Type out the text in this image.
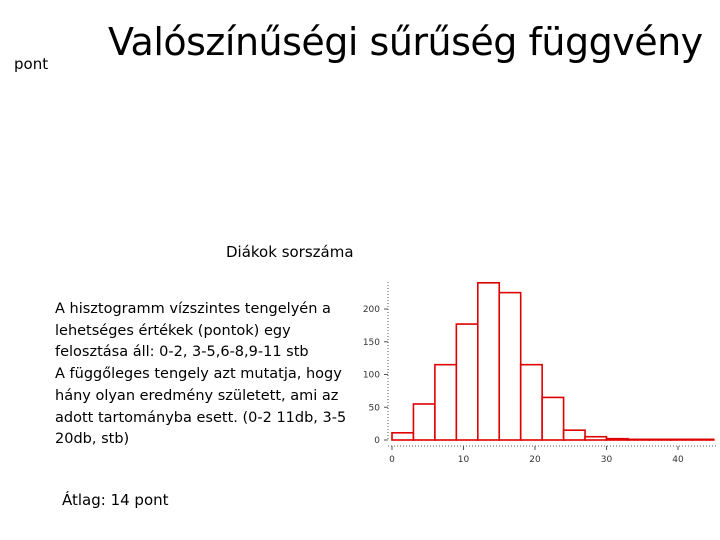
pont Valószínűségi sűrűség függvény
Diákok sorszáma
A hisztogramm vízszintes tengelyén a
lehetséges értékek (pontok) egy
felosztása áll: 0-2, 3-5,6-8,9-11 stb
A függőleges tengely azt mutatja, hogy
hány olyan eredmény született, ami az
adott tartományba esett. (0-2 11db, 3-5
20db, stb)
Átlag: 14 pont
0
50
100
150
200
0	10	20	30	40
